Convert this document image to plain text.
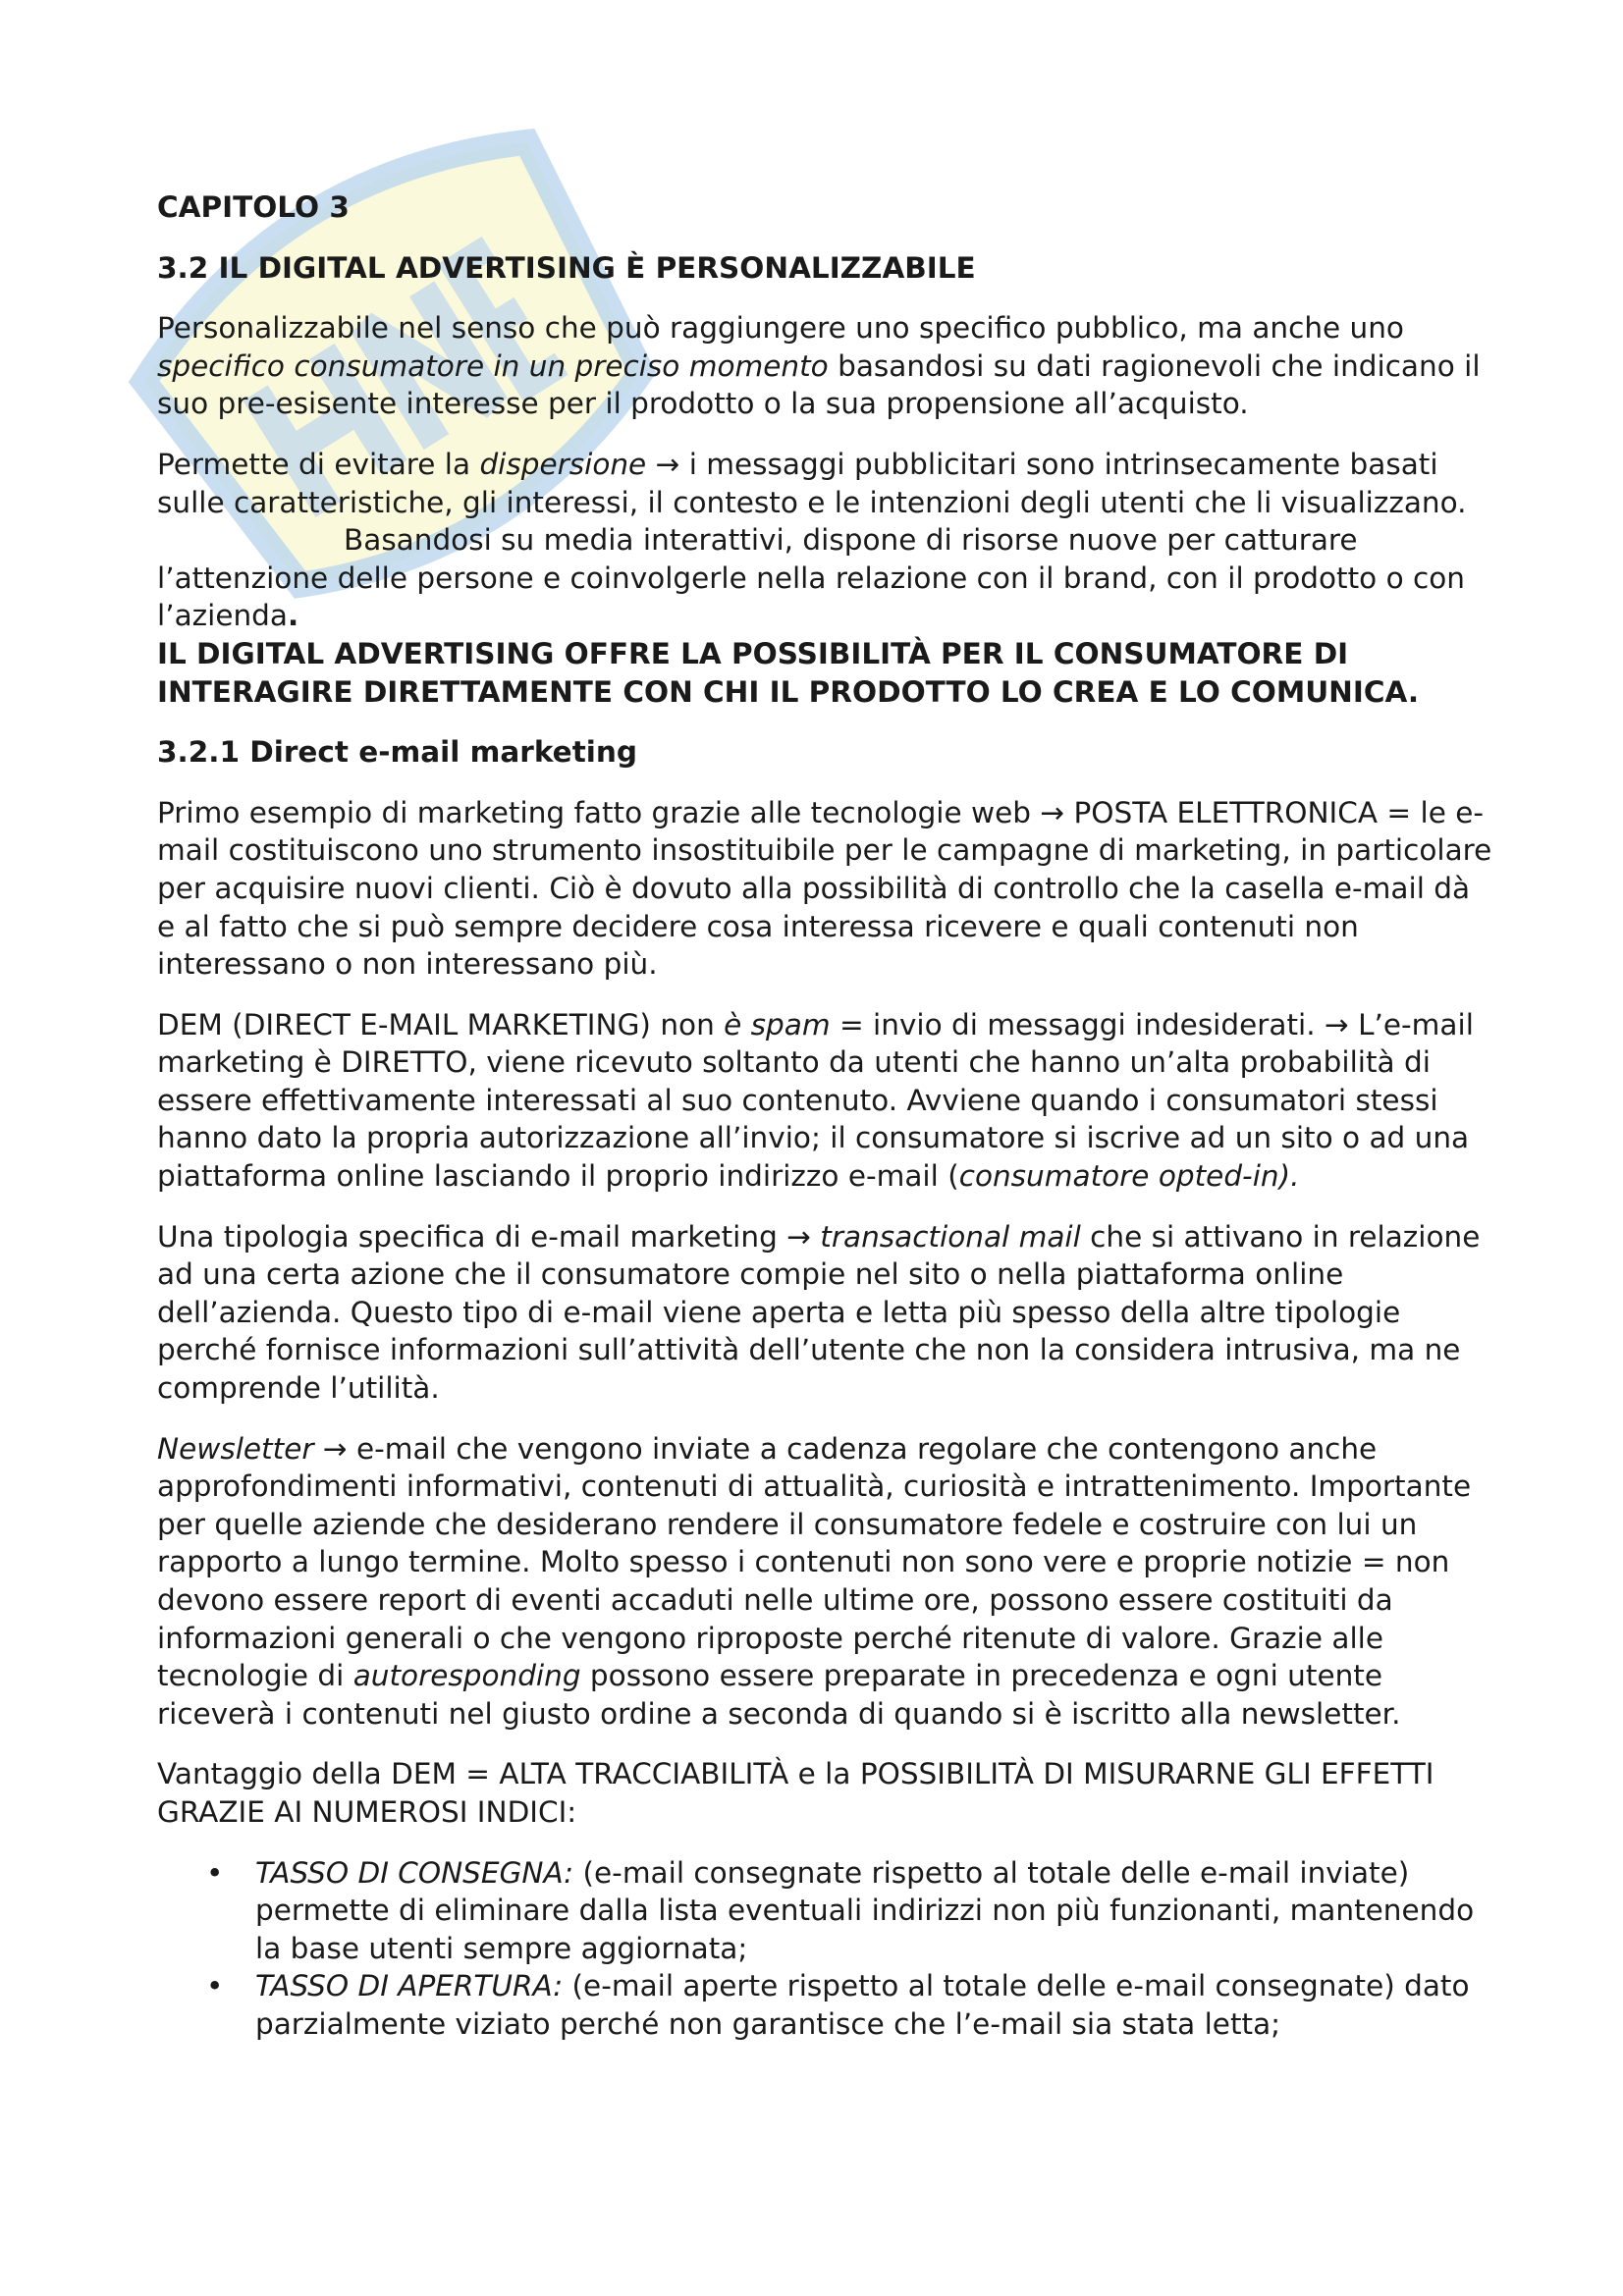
CAPITOLO 3
3.2 IL DIGITAL ADVERTISING È PERSONALIZZABILE

Personalizzabile nel senso che può raggiungere uno specifico pubblico, ma anche uno specifico consumatore in un preciso momento basandosi su dati ragionevoli che indicano il suo pre-esisente interesse per il prodotto o la sua propensione all’acquisto.

Permette di evitare la dispersione → i messaggi pubblicitari sono intrinsecamente basati sulle caratteristiche, gli interessi, il contesto e le intenzioni degli utenti che li visualizzano.Basandosi su media interattivi, dispone di risorse nuove per catturare l’attenzione delle persone e coinvolgerle nella relazione con il brand, con il prodotto o con l’azienda.

IL DIGITAL ADVERTISING OFFRE LA POSSIBILITÀ PER IL CONSUMATORE DI INTERAGIRE DIRETTAMENTE CON CHI IL PRODOTTO LO CREA E LO COMUNICA.
3.2.1 Direct e-mail marketing

Primo esempio di marketing fatto grazie alle tecnologie web → POSTA ELETTRONICA = le e-mail costituiscono uno strumento insostituibile per le campagne di marketing, in particolare per acquisire nuovi clienti. Ciò è dovuto alla possibilità di controllo che la casella e-mail dà e al fatto che si può sempre decidere cosa interessa ricevere e quali contenuti non interessano o non interessano più.

DEM (DIRECT E-MAIL MARKETING) non è spam = invio di messaggi indesiderati. → L’e-mail marketing è DIRETTO, viene ricevuto soltanto da utenti che hanno un’alta probabilità di essere effettivamente interessati al suo contenuto. Avviene quando i consumatori stessi hanno dato la propria autorizzazione all’invio; il consumatore si iscrive ad un sito o ad una piattaforma online lasciando il proprio indirizzo e-mail (consumatore opted-in).

Una tipologia specifica di e-mail marketing → transactional mail che si attivano in relazione ad una certa azione che il consumatore compie nel sito o nella piattaforma online dell’azienda. Questo tipo di e-mail viene aperta e letta più spesso della altre tipologie perché fornisce informazioni sull’attività dell’utente che non la considera intrusiva, ma ne comprende l’utilità.

Newsletter → e-mail che vengono inviate a cadenza regolare che contengono anche approfondimenti informativi, contenuti di attualità, curiosità e intrattenimento. Importante per quelle aziende che desiderano rendere il consumatore fedele e costruire con lui un rapporto a lungo termine. Molto spesso i contenuti non sono vere e proprie notizie = non devono essere report di eventi accaduti nelle ultime ore, possono essere costituiti da informazioni generali o che vengono riproposte perché ritenute di valore. Grazie alle tecnologie di autoresponding possono essere preparate in precedenza e ogni utente riceverà i contenuti nel giusto ordine a seconda di quando si è iscritto alla newsletter.

Vantaggio della DEM = ALTA TRACCIABILITÀ e la POSSIBILITÀ DI MISURARNE GLI EFFETTI GRAZIE AI NUMEROSI INDICI:

• TASSO DI CONSEGNA: (e-mail consegnate rispetto al totale delle e-mail inviate) permette di eliminare dalla lista eventuali indirizzi non più funzionanti, mantenendo la base utenti sempre aggiornata;
• TASSO DI APERTURA: (e-mail aperte rispetto al totale delle e-mail consegnate) dato parzialmente viziato perché non garantisce che l’e-mail sia stata letta;
